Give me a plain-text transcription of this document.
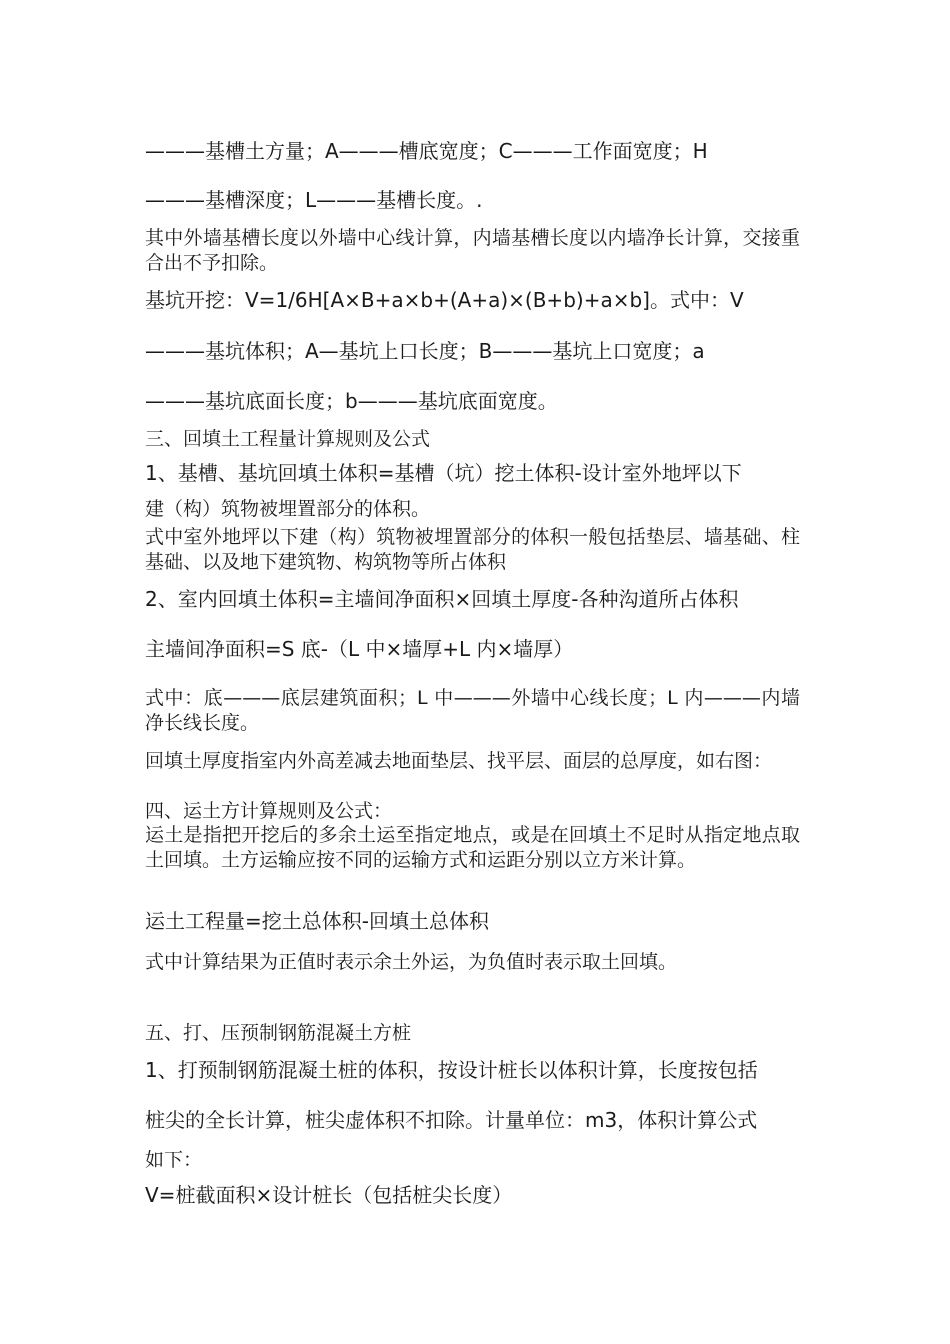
———基槽土方量；A———槽底宽度；C———工作面宽度；H
———基槽深度；L———基槽长度。.
其中外墙基槽长度以外墙中心线计算，内墙基槽长度以内墙净长计算，交接重合出不予扣除。
基坑开挖：V=1/6H[A×B+a×b+(A+a)×(B+b)+a×b]。式中：V
———基坑体积；A—基坑上口长度；B———基坑上口宽度；a
———基坑底面长度；b———基坑底面宽度。
三、回填土工程量计算规则及公式
1、基槽、基坑回填土体积=基槽（坑）挖土体积-设计室外地坪以下
建（构）筑物被埋置部分的体积。
式中室外地坪以下建（构）筑物被埋置部分的体积一般包括垫层、墙基础、柱基础、以及地下建筑物、构筑物等所占体积
2、室内回填土体积=主墙间净面积×回填土厚度-各种沟道所占体积
主墙间净面积=S 底-（L 中×墙厚+L 内×墙厚）
式中：底———底层建筑面积；L 中———外墙中心线长度；L 内———内墙净长线长度。
回填土厚度指室内外高差减去地面垫层、找平层、面层的总厚度，如右图：
四、运土方计算规则及公式：
运土是指把开挖后的多余土运至指定地点，或是在回填土不足时从指定地点取土回填。土方运输应按不同的运输方式和运距分别以立方米计算。
运土工程量=挖土总体积-回填土总体积
式中计算结果为正值时表示余土外运，为负值时表示取土回填。
五、打、压预制钢筋混凝土方桩
1、打预制钢筋混凝土桩的体积，按设计桩长以体积计算，长度按包括
桩尖的全长计算，桩尖虚体积不扣除。计量单位：m3，体积计算公式
如下：
V=桩截面积×设计桩长（包括桩尖长度）
